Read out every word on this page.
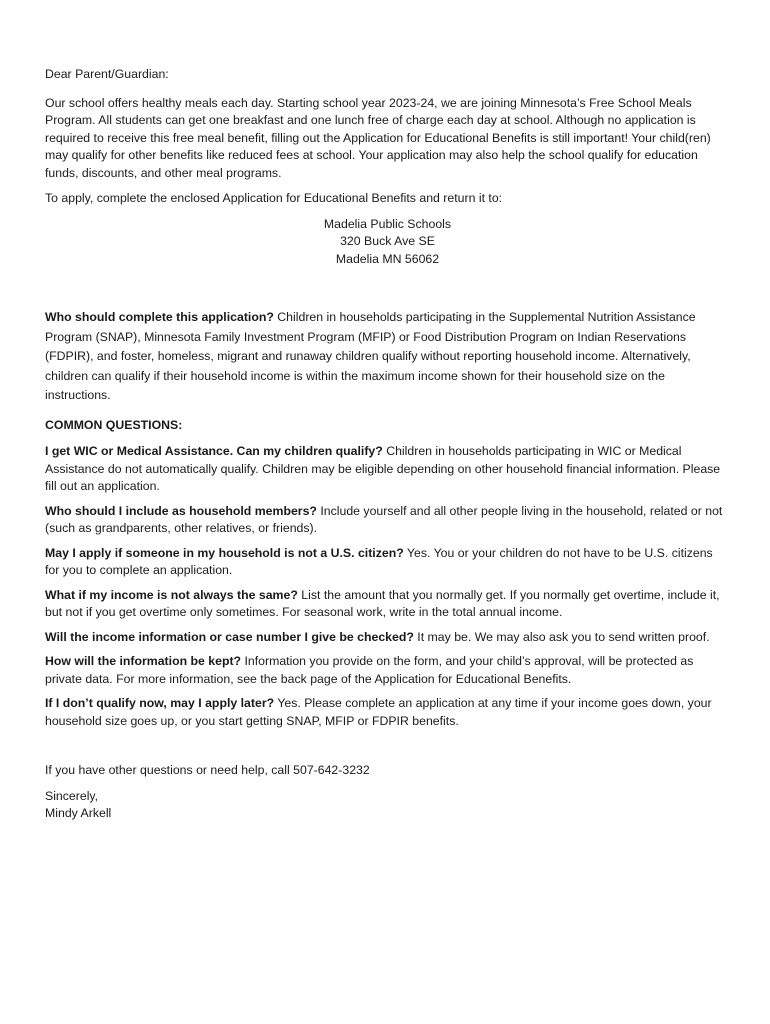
Dear Parent/Guardian:

Our school offers healthy meals each day. Starting school year 2023-24, we are joining Minnesota’s Free School Meals Program. All students can get one breakfast and one lunch free of charge each day at school. Although no application is required to receive this free meal benefit, filling out the Application for Educational Benefits is still important! Your child(ren) may qualify for other benefits like reduced fees at school. Your application may also help the school qualify for education funds, discounts, and other meal programs.

To apply, complete the enclosed Application for Educational Benefits and return it to:

Madelia Public Schools
320 Buck Ave SE
Madelia MN 56062

Who should complete this application? Children in households participating in the Supplemental Nutrition Assistance Program (SNAP), Minnesota Family Investment Program (MFIP) or Food Distribution Program on Indian Reservations (FDPIR), and foster, homeless, migrant and runaway children qualify without reporting household income. Alternatively, children can qualify if their household income is within the maximum income shown for their household size on the instructions.

COMMON QUESTIONS:

I get WIC or Medical Assistance. Can my children qualify? Children in households participating in WIC or Medical Assistance do not automatically qualify. Children may be eligible depending on other household financial information. Please fill out an application.

Who should I include as household members? Include yourself and all other people living in the household, related or not (such as grandparents, other relatives, or friends).

May I apply if someone in my household is not a U.S. citizen? Yes. You or your children do not have to be U.S. citizens for you to complete an application.

What if my income is not always the same? List the amount that you normally get. If you normally get overtime, include it, but not if you get overtime only sometimes. For seasonal work, write in the total annual income.

Will the income information or case number I give be checked? It may be. We may also ask you to send written proof.

How will the information be kept? Information you provide on the form, and your child’s approval, will be protected as private data. For more information, see the back page of the Application for Educational Benefits.

If I don’t qualify now, may I apply later? Yes. Please complete an application at any time if your income goes down, your household size goes up, or you start getting SNAP, MFIP or FDPIR benefits.

If you have other questions or need help, call 507-642-3232

Sincerely,
Mindy Arkell
